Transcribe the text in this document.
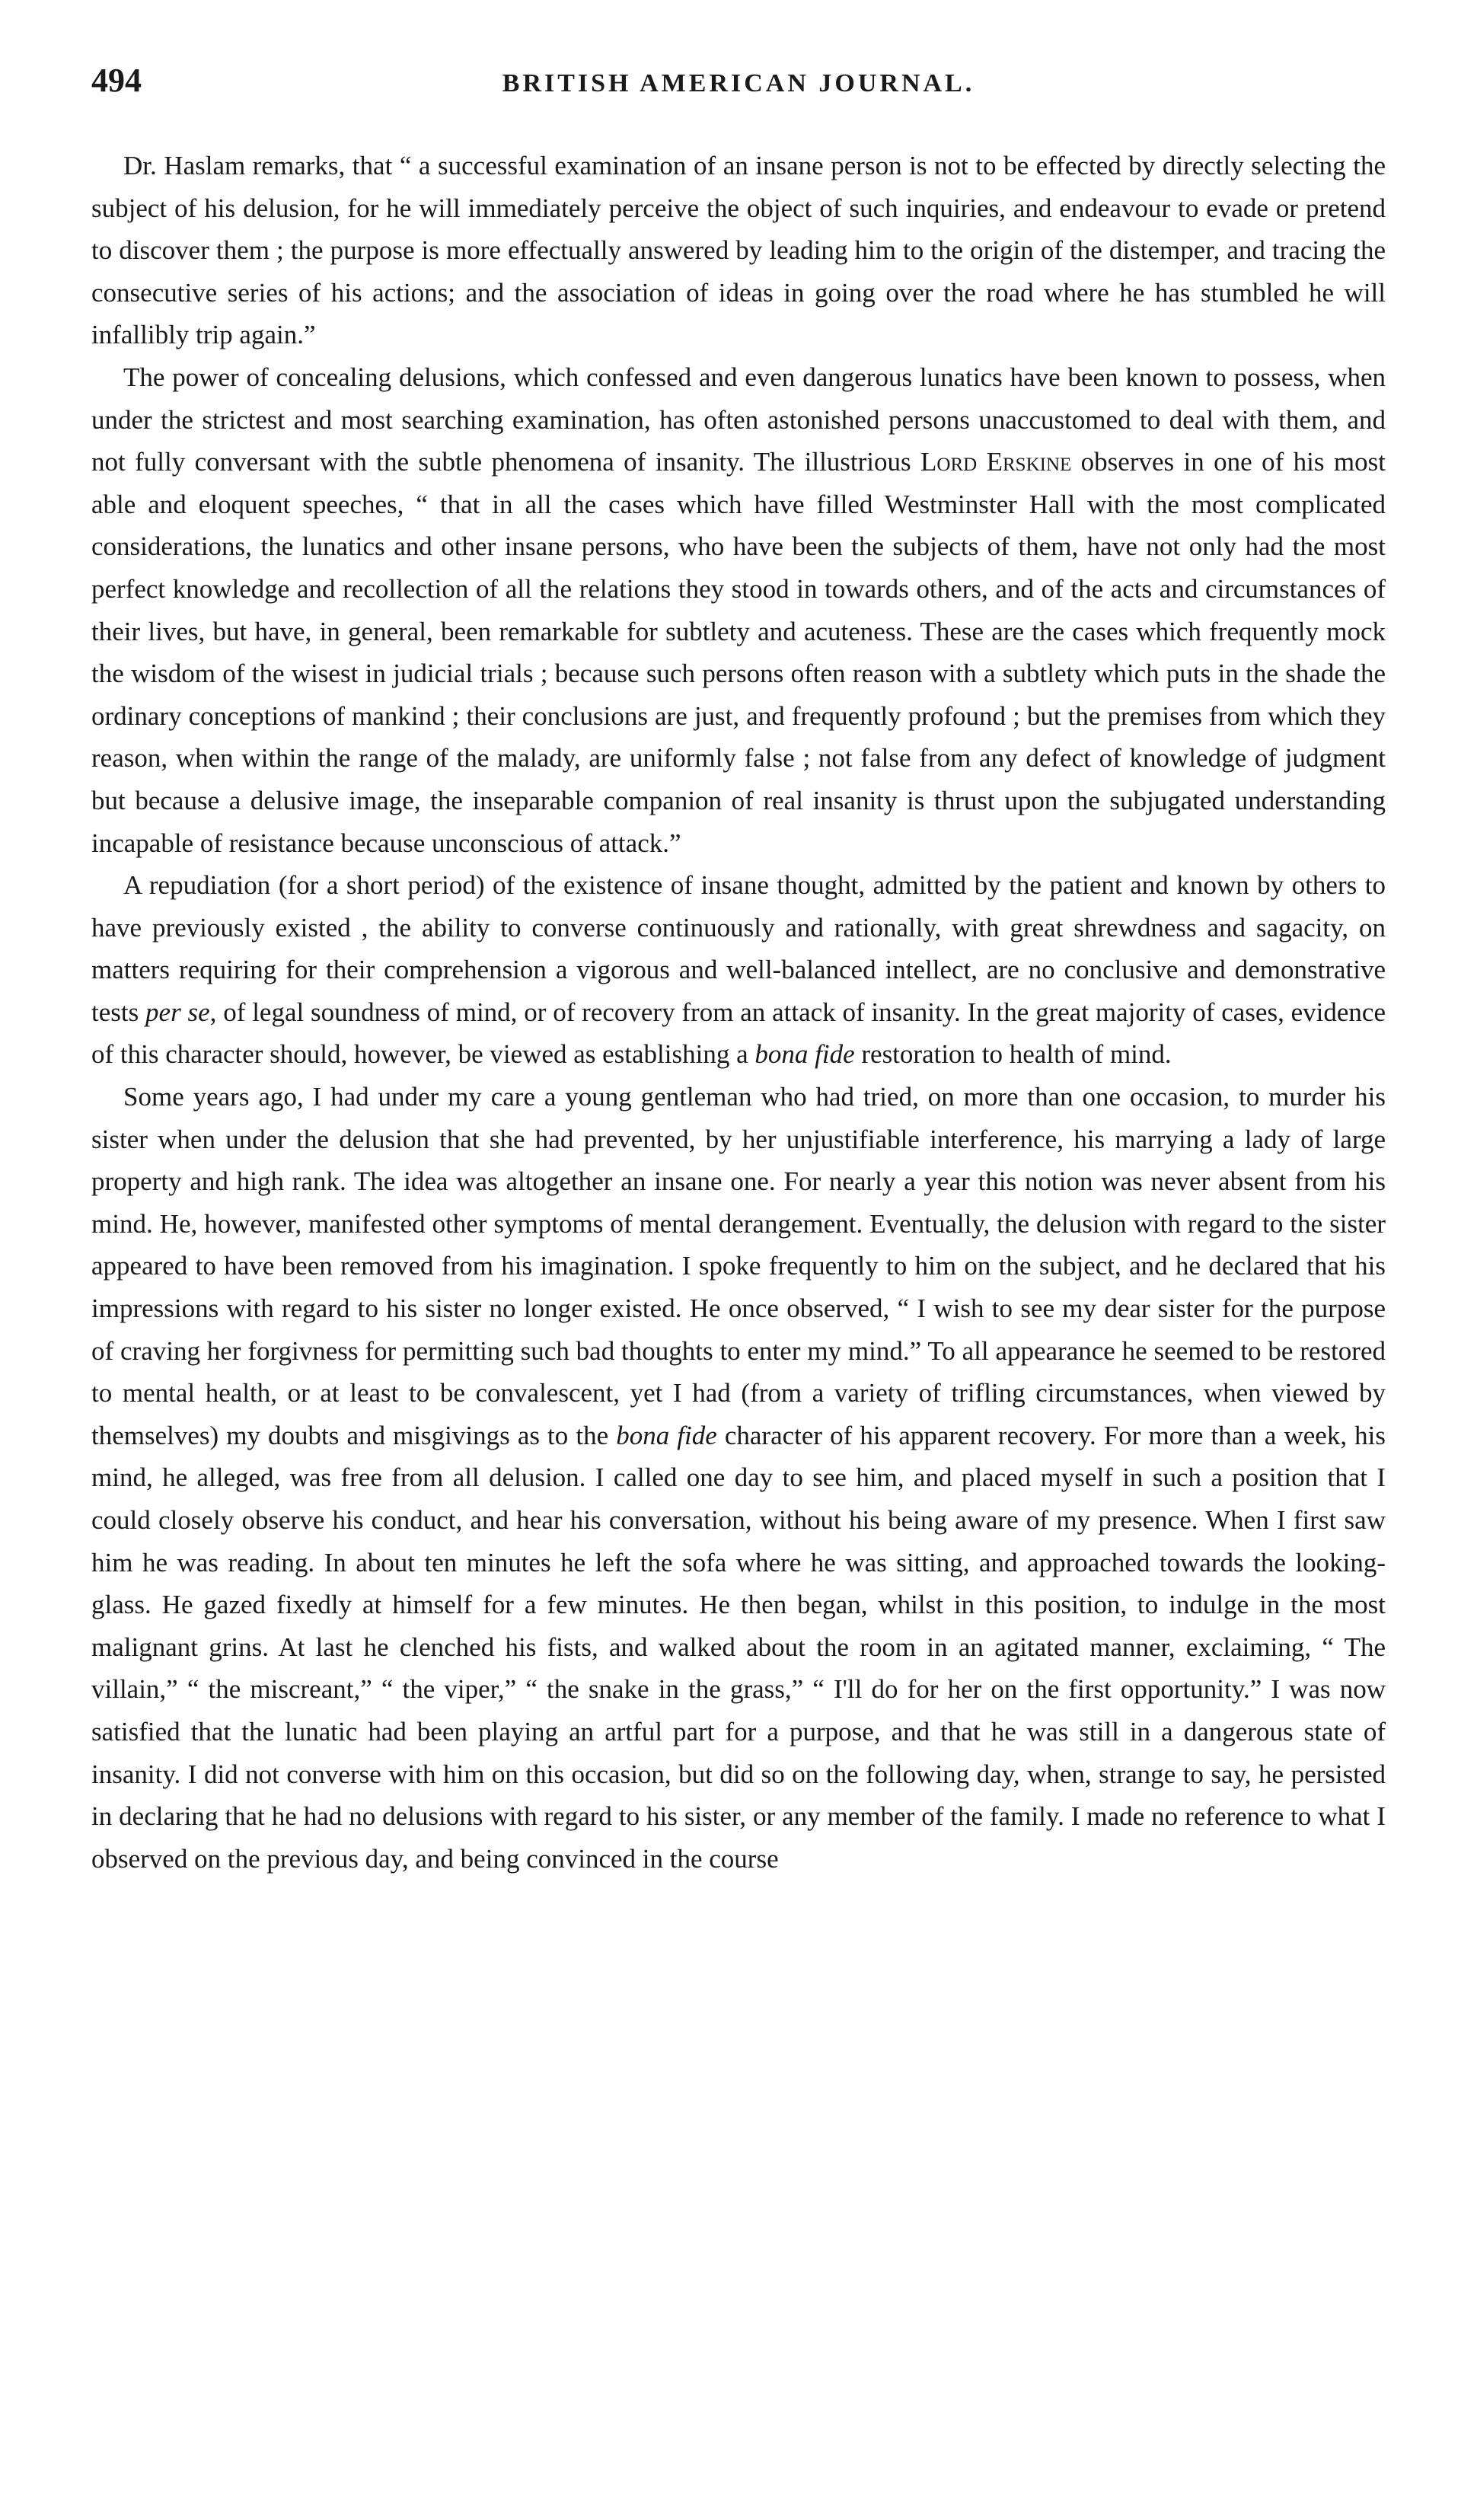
494	BRITISH AMERICAN JOURNAL.

Dr. Haslam remarks, that “ a successful examination of an insane person is not to be effected by directly selecting the subject of his delusion, for he will immediately perceive the object of such inquiries, and endeavour to evade or pretend to discover them ; the purpose is more effectually answered by leading him to the origin of the distemper, and tracing the consecutive series of his actions; and the association of ideas in going over the road where he has stumbled he will infallibly trip again.”

The power of concealing delusions, which confessed and even dangerous lunatics have been known to possess, when under the strictest and most searching examination, has often astonished persons unaccustomed to deal with them, and not fully conversant with the subtle phenomena of insanity. The illustrious Lord Erskine observes in one of his most able and eloquent speeches, “ that in all the cases which have filled Westminster Hall with the most complicated considerations, the lunatics and other insane persons, who have been the subjects of them, have not only had the most perfect knowledge and recollection of all the relations they stood in towards others, and of the acts and circumstances of their lives, but have, in general, been remarkable for subtlety and acuteness. These are the cases which frequently mock the wisdom of the wisest in judicial trials ; because such persons often reason with a subtlety which puts in the shade the ordinary conceptions of mankind ; their conclusions are just, and frequently profound ; but the premises from which they reason, when within the range of the malady, are uniformly false ; not false from any defect of knowledge of judgment but because a delusive image, the inseparable companion of real insanity is thrust upon the subjugated understanding incapable of resistance because unconscious of attack.”

A repudiation (for a short period) of the existence of insane thought, admitted by the patient and known by others to have previously existed , the ability to converse continuously and rationally, with great shrewdness and sagacity, on matters requiring for their comprehension a vigorous and well-balanced intellect, are no conclusive and demonstrative tests per se, of legal soundness of mind, or of recovery from an attack of insanity. In the great majority of cases, evidence of this character should, however, be viewed as establishing a bona fide restoration to health of mind.

Some years ago, I had under my care a young gentleman who had tried, on more than one occasion, to murder his sister when under the delusion that she had prevented, by her unjustifiable interference, his marrying a lady of large property and high rank. The idea was altogether an insane one. For nearly a year this notion was never absent from his mind. He, however, manifested other symptoms of mental derangement. Eventually, the delusion with regard to the sister appeared to have been removed from his imagination. I spoke frequently to him on the subject, and he declared that his impressions with regard to his sister no longer existed. He once observed, “ I wish to see my dear sister for the purpose of craving her forgivness for permitting such bad thoughts to enter my mind.” To all appearance he seemed to be restored to mental health, or at least to be convalescent, yet I had (from a variety of trifling circumstances, when viewed by themselves) my doubts and misgivings as to the bona fide character of his apparent recovery. For more than a week, his mind, he alleged, was free from all delusion. I called one day to see him, and placed myself in such a position that I could closely observe his conduct, and hear his conversation, without his being aware of my presence. When I first saw him he was reading. In about ten minutes he left the sofa where he was sitting, and approached towards the looking-glass. He gazed fixedly at himself for a few minutes. He then began, whilst in this position, to indulge in the most malignant grins. At last he clenched his fists, and walked about the room in an agitated manner, exclaiming, “ The villain,” “ the miscreant,” “ the viper,” “ the snake in the grass,” “ I'll do for her on the first opportunity.” I was now satisfied that the lunatic had been playing an artful part for a purpose, and that he was still in a dangerous state of insanity. I did not converse with him on this occasion, but did so on the following day, when, strange to say, he persisted in declaring that he had no delusions with regard to his sister, or any member of the family. I made no reference to what I observed on the previous day, and being convinced in the course
